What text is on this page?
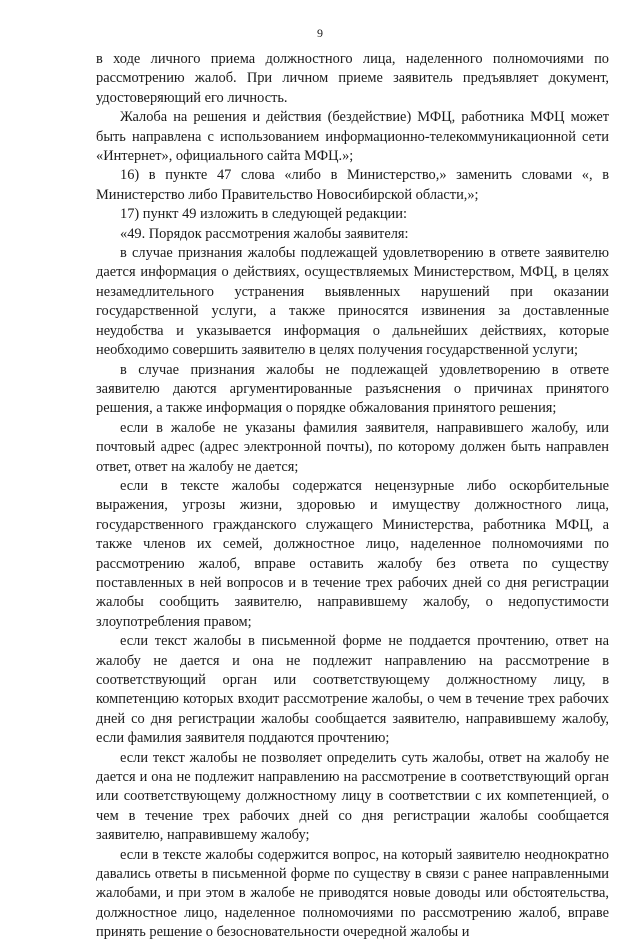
9

в ходе личного приема должностного лица, наделенного полномочиями по рассмотрению жалоб. При личном приеме заявитель предъявляет документ, удостоверяющий его личность.

Жалоба на решения и действия (бездействие) МФЦ, работника МФЦ может быть направлена с использованием информационно-телекоммуникационной сети «Интернет», официального сайта МФЦ.»;

16) в пункте 47 слова «либо в Министерство,» заменить словами «, в Министерство либо Правительство Новосибирской области,»;

17) пункт 49 изложить в следующей редакции:

«49. Порядок рассмотрения жалобы заявителя:

в случае признания жалобы подлежащей удовлетворению в ответе заявителю дается информация о действиях, осуществляемых Министерством, МФЦ, в целях незамедлительного устранения выявленных нарушений при оказании государственной услуги, а также приносятся извинения за доставленные неудобства и указывается информация о дальнейших действиях, которые необходимо совершить заявителю в целях получения государственной услуги;

в случае признания жалобы не подлежащей удовлетворению в ответе заявителю даются аргументированные разъяснения о причинах принятого решения, а также информация о порядке обжалования принятого решения;

если в жалобе не указаны фамилия заявителя, направившего жалобу, или почтовый адрес (адрес электронной почты), по которому должен быть направлен ответ, ответ на жалобу не дается;

если в тексте жалобы содержатся нецензурные либо оскорбительные выражения, угрозы жизни, здоровью и имуществу должностного лица, государственного гражданского служащего Министерства, работника МФЦ, а также членов их семей, должностное лицо, наделенное полномочиями по рассмотрению жалоб, вправе оставить жалобу без ответа по существу поставленных в ней вопросов и в течение трех рабочих дней со дня регистрации жалобы сообщить заявителю, направившему жалобу, о недопустимости злоупотребления правом;

если текст жалобы в письменной форме не поддается прочтению, ответ на жалобу не дается и она не подлежит направлению на рассмотрение в соответствующий орган или соответствующему должностному лицу, в компетенцию которых входит рассмотрение жалобы, о чем в течение трех рабочих дней со дня регистрации жалобы сообщается заявителю, направившему жалобу, если фамилия заявителя поддаются прочтению;

если текст жалобы не позволяет определить суть жалобы, ответ на жалобу не дается и она не подлежит направлению на рассмотрение в соответствующий орган или соответствующему должностному лицу в соответствии с их компетенцией, о чем в течение трех рабочих дней со дня регистрации жалобы сообщается заявителю, направившему жалобу;

если в тексте жалобы содержится вопрос, на который заявителю неоднократно давались ответы в письменной форме по существу в связи с ранее направленными жалобами, и при этом в жалобе не приводятся новые доводы или обстоятельства, должностное лицо, наделенное полномочиями по рассмотрению жалоб, вправе принять решение о безосновательности очередной жалобы и
